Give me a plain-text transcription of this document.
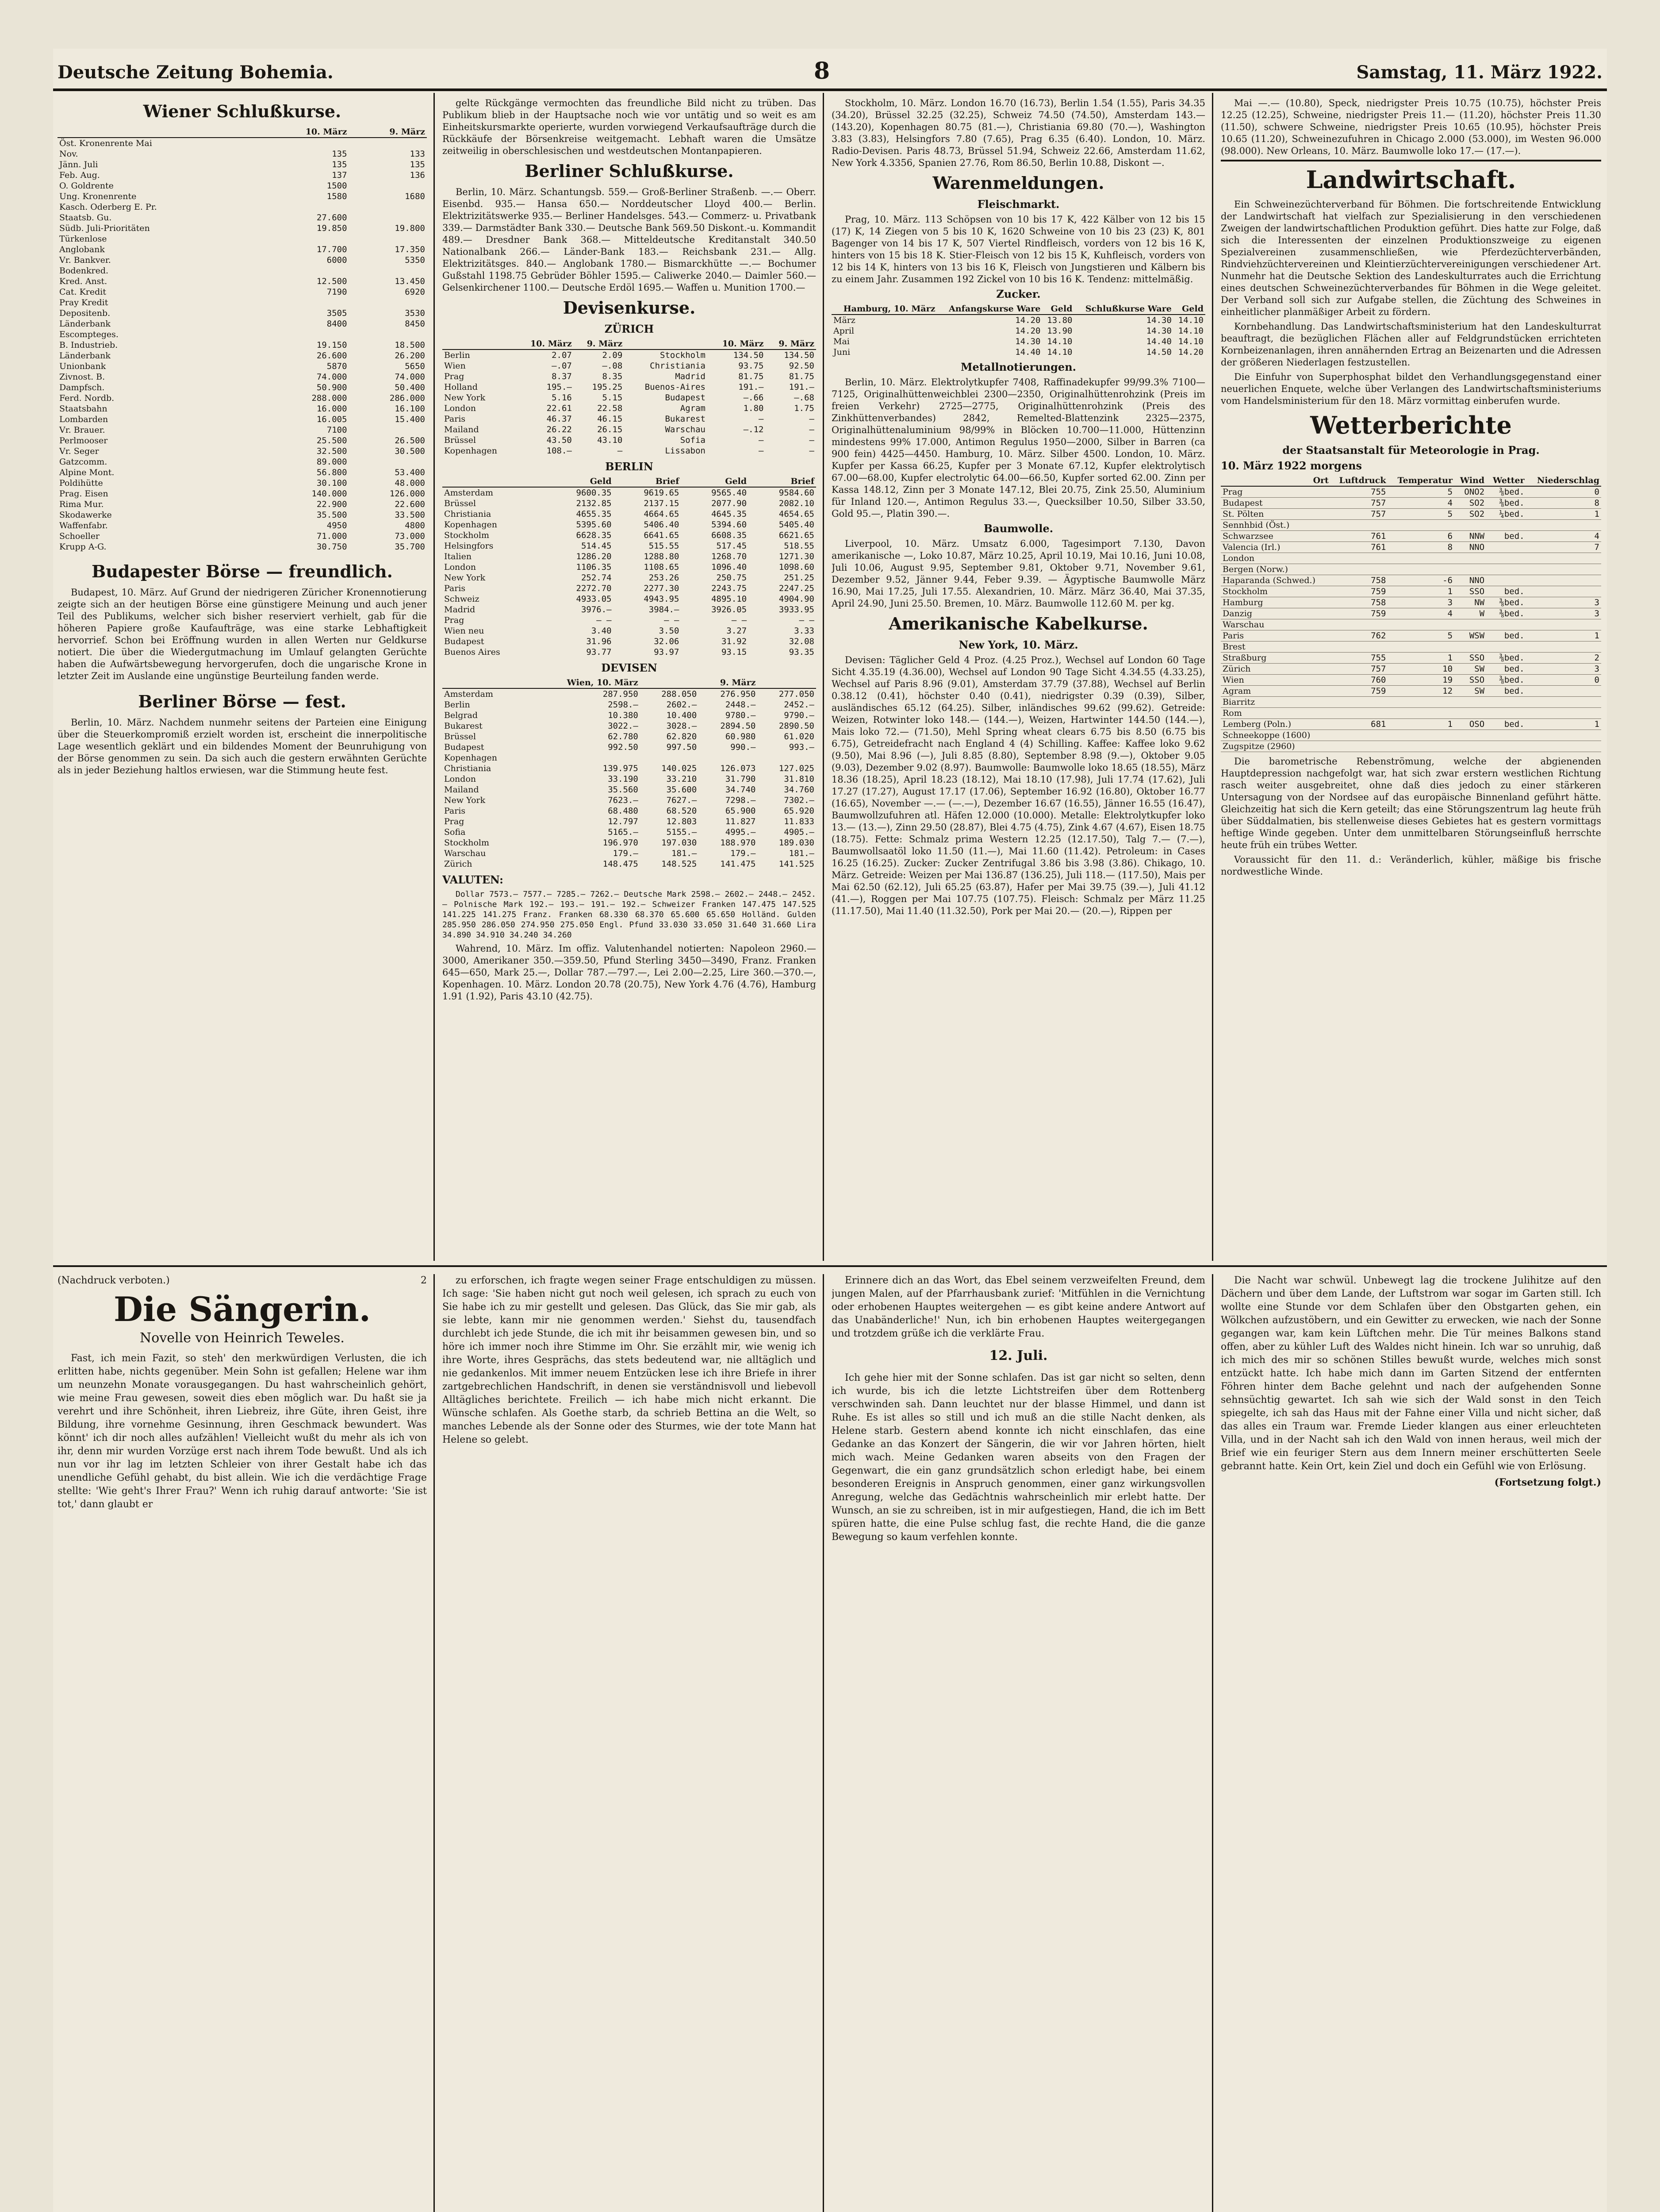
Deutsche Zeitung Bohemia.	8	Samstag, 11. März 1922.
Wiener Schlußkurse.
	10. März	9. März
Öst. Kronenrente Mai		
Nov.	135	133
Jänn. Juli	135	135
Feb. Aug.	137	136
O. Goldrente	1500	
Ung. Kronenrente	1580	1680
Kasch. Oderberg E. Pr.		
Staatsb. Gu.	27.600	
Südb. Juli-Prioritäten	19.850	19.800
Türkenlose		
Anglobank	17.700	17.350
Vr. Bankver.	6000	5350
Bodenkred.		
Kred. Anst.	12.500	13.450
Cat. Kredit	7190	6920
Pray Kredit		
Depositenb.	3505	3530
Länderbank	8400	8450
Escompteges.		
B. Industrieb.	19.150	18.500
Länderbank	26.600	26.200
Unionbank	5870	5650
Zivnost. B.	74.000	74.000
Dampfsch.	50.900	50.400
Ferd. Nordb.	288.000	286.000
Staatsbahn	16.000	16.100
Lombarden	16.005	15.400
Vr. Brauer.	7100	
Perlmooser	25.500	26.500
Vr. Seger	32.500	30.500
Gatzcomm.	89.000	
Alpine Mont.	56.800	53.400
Poldihütte	30.100	48.000
Prag. Eisen	140.000	126.000
Rima Mur.	22.900	22.600
Skodawerke	35.500	33.500
Waffenfabr.	4950	4800
Schoeller	71.000	73.000
Krupp A-G.	30.750	35.700
Budapester Börse — freundlich.

Budapest, 10. März. Auf Grund der niedrigeren Züricher Kronennotierung zeigte sich an der heutigen Börse eine günstigere Meinung und auch jener Teil des Publikums, welcher sich bisher reserviert verhielt, gab für die höheren Papiere große Kaufaufträge, was eine starke Lebhaftigkeit hervorrief. Schon bei Eröffnung wurden in allen Werten nur Geldkurse notiert. Die über die Wiedergutmachung im Umlauf gelangten Gerüchte haben die Aufwärtsbewegung hervorgerufen, doch die ungarische Krone in letzter Zeit im Auslande eine ungünstige Beurteilung fanden werde.

Berliner Börse — fest.

Berlin, 10. März. Nachdem nunmehr seitens der Parteien eine Einigung über die Steuerkompromiß erzielt worden ist, erscheint die innerpolitische Lage wesentlich geklärt und ein bildendes Moment der Beunruhigung von der Börse genommen zu sein. Da sich auch die gestern erwähnten Gerüchte als in jeder Beziehung haltlos erwiesen, war die Stimmung heute fest.

gelte Rückgänge vermochten das freundliche Bild nicht zu trüben. Das Publikum blieb in der Hauptsache noch wie vor untätig und so weit es am Einheitskursmarkte operierte, wurden vorwiegend Verkaufsaufträge durch die Rückkäufe der Börsenkreise weitgemacht. Lebhaft waren die Umsätze zeitweilig in oberschlesischen und westdeutschen Montanpapieren.

Berliner Schlußkurse.

Berlin, 10. März. Schantungsb. 559.— Groß-Berliner Straßenb. —.— Oberr. Eisenbd. 935.— Hansa 650.— Norddeutscher Lloyd 400.— Berlin. Elektrizitätswerke 935.— Berliner Handelsges. 543.— Commerz- u. Privatbank 339.— Darmstädter Bank 330.— Deutsche Bank 569.50 Diskont.-u. Kommandit 489.— Dresdner Bank 368.— Mitteldeutsche Kreditanstalt 340.50 Nationalbank 266.— Länder-Bank 183.— Reichsbank 231.— Allg. Elektrizitätsges. 840.— Anglobank 1780.— Bismarckhütte —.— Bochumer Gußstahl 1198.75 Gebrüder Böhler 1595.— Caliwerke 2040.— Daimler 560.— Gelsenkirchener 1100.— Deutsche Erdöl 1695.— Waffen u. Munition 1700.—

Devisenkurse.
ZÜRICH
	10. März	9. März		10. März	9. März
Berlin	2.07	2.09	Stockholm	134.50	134.50
Wien	—.07	—.08	Christiania	93.75	92.50
Prag	8.37	8.35	Madrid	81.75	81.75
Holland	195.—	195.25	Buenos-Aires	191.—	191.—
New York	5.16	5.15	Budapest	—.66	—.68
London	22.61	22.58	Agram	1.80	1.75
Paris	46.37	46.15	Bukarest	—	—
Mailand	26.22	26.15	Warschau	—.12	—
Brüssel	43.50	43.10	Sofia	—	—
Kopenhagen	108.—	—	Lissabon	—	—
BERLIN
	Geld	Brief	Geld	Brief
Amsterdam	9600.35	9619.65	9565.40	9584.60
Brüssel	2132.85	2137.15	2077.90	2082.10
Christiania	4655.35	4664.65	4645.35	4654.65
Kopenhagen	5395.60	5406.40	5394.60	5405.40
Stockholm	6628.35	6641.65	6608.35	6621.65
Helsingfors	514.45	515.55	517.45	518.55
Italien	1286.20	1288.80	1268.70	1271.30
London	1106.35	1108.65	1096.40	1098.60
New York	252.74	253.26	250.75	251.25
Paris	2272.70	2277.30	2243.75	2247.25
Schweiz	4933.05	4943.95	4895.10	4904.90
Madrid	3976.—	3984.—	3926.05	3933.95
Prag	— —	— —	— —	— —
Wien neu	3.40	3.50	3.27	3.33
Budapest	31.96	32.06	31.92	32.08
Buenos Aires	93.77	93.97	93.15	93.35
DEVISEN
	Wien, 10. März		9. März	
Amsterdam	287.950	288.050	276.950	277.050
Berlin	2598.—	2602.—	2448.—	2452.—
Belgrad	10.380	10.400	9780.—	9790.—
Bukarest	3022.—	3028.—	2894.50	2890.50
Brüssel	62.780	62.820	60.980	61.020
Budapest	992.50	997.50	990.—	993.—
Kopenhagen				
Christiania	139.975	140.025	126.073	127.025
London	33.190	33.210	31.790	31.810
Mailand	35.560	35.600	34.740	34.760
New York	7623.—	7627.—	7298.—	7302.—
Paris	68.480	68.520	65.900	65.920
Prag	12.797	12.803	11.827	11.833
Sofia	5165.—	5155.—	4995.—	4905.—
Stockholm	196.970	197.030	188.970	189.030
Warschau	179.—	181.—	179.—	181.—
Zürich	148.475	148.525	141.475	141.525
VALUTEN:

Dollar 7573.— 7577.— 7285.— 7262.— Deutsche Mark 2598.— 2602.— 2448.— 2452.— Polnische Mark 192.— 193.— 191.— 192.— Schweizer Franken 147.475 147.525 141.225 141.275 Franz. Franken 68.330 68.370 65.600 65.650 Holländ. Gulden 285.950 286.050 274.950 275.050 Engl. Pfund 33.030 33.050 31.640 31.660 Lira 34.890 34.910 34.240 34.260

Wahrend, 10. März. Im offiz. Valutenhandel notierten: Napoleon 2960.—3000, Amerikaner 350.—359.50, Pfund Sterling 3450—3490, Franz. Franken 645—650, Mark 25.—, Dollar 787.—797.—, Lei 2.00—2.25, Lire 360.—370.—, Kopenhagen. 10. März. London 20.78 (20.75), New York 4.76 (4.76), Hamburg 1.91 (1.92), Paris 43.10 (42.75).

Stockholm, 10. März. London 16.70 (16.73), Berlin 1.54 (1.55), Paris 34.35 (34.20), Brüssel 32.25 (32.25), Schweiz 74.50 (74.50), Amsterdam 143.— (143.20), Kopenhagen 80.75 (81.—), Christiania 69.80 (70.—), Washington 3.83 (3.83), Helsingfors 7.80 (7.65), Prag 6.35 (6.40). London, 10. März. Radio-Devisen. Paris 48.73, Brüssel 51.94, Schweiz 22.66, Amsterdam 11.62, New York 4.3356, Spanien 27.76, Rom 86.50, Berlin 10.88, Diskont —.

Warenmeldungen.
Fleischmarkt.

Prag, 10. März. 113 Schöpsen von 10 bis 17 K, 422 Kälber von 12 bis 15 (17) K, 14 Ziegen von 5 bis 10 K, 1620 Schweine von 10 bis 23 (23) K, 801 Bagenger von 14 bis 17 K, 507 Viertel Rindfleisch, vorders von 12 bis 16 K, hinters von 15 bis 18 K. Stier-Fleisch von 12 bis 15 K, Kuhfleisch, vorders von 12 bis 14 K, hinters von 13 bis 16 K, Fleisch von Jungstieren und Kälbern bis zu einem Jahr. Zusammen 192 Zickel von 10 bis 16 K. Tendenz: mittelmäßig.

Zucker.
Hamburg, 10. März	Anfangskurse Ware	Geld	Schlußkurse Ware	Geld
März	14.20	13.80	14.30	14.10
April	14.20	13.90	14.30	14.10
Mai	14.30	14.10	14.40	14.10
Juni	14.40	14.10	14.50	14.20
Metallnotierungen.

Berlin, 10. März. Elektrolytkupfer 7408, Raffinadekupfer 99/99.3% 7100—7125, Originalhüttenweichblei 2300—2350, Originalhüttenrohzink (Preis im freien Verkehr) 2725—2775, Originalhüttenrohzink (Preis des Zinkhüttenverbandes) 2842, Remelted-Blattenzink 2325—2375, Originalhüttenaluminium 98/99% in Blöcken 10.700—11.000, Hüttenzinn mindestens 99% 17.000, Antimon Regulus 1950—2000, Silber in Barren (ca 900 fein) 4425—4450. Hamburg, 10. März. Silber 4500. London, 10. März. Kupfer per Kassa 66.25, Kupfer per 3 Monate 67.12, Kupfer elektrolytisch 67.00—68.00, Kupfer electrolytic 64.00—66.50, Kupfer sorted 62.00. Zinn per Kassa 148.12, Zinn per 3 Monate 147.12, Blei 20.75, Zink 25.50, Aluminium für Inland 120.—, Antimon Regulus 33.—, Quecksilber 10.50, Silber 33.50, Gold 95.—, Platin 390.—.

Baumwolle.

Liverpool, 10. März. Umsatz 6.000, Tagesimport 7.130, Davon amerikanische —, Loko 10.87, März 10.25, April 10.19, Mai 10.16, Juni 10.08, Juli 10.06, August 9.95, September 9.81, Oktober 9.71, November 9.61, Dezember 9.52, Jänner 9.44, Feber 9.39. — Ägyptische Baumwolle März 16.90, Mai 17.25, Juli 17.55. Alexandrien, 10. März. März 36.40, Mai 37.35, April 24.90, Juni 25.50. Bremen, 10. März. Baumwolle 112.60 M. per kg.

Amerikanische Kabelkurse.
New York, 10. März.

Devisen: Täglicher Geld 4 Proz. (4.25 Proz.), Wechsel auf London 60 Tage Sicht 4.35.19 (4.36.00), Wechsel auf London 90 Tage Sicht 4.34.55 (4.33.25), Wechsel auf Paris 8.96 (9.01), Amsterdam 37.79 (37.88), Wechsel auf Berlin 0.38.12 (0.41), höchster 0.40 (0.41), niedrigster 0.39 (0.39), Silber, ausländisches 65.12 (64.25). Silber, inländisches 99.62 (99.62). Getreide: Weizen, Rotwinter loko 148.— (144.—), Weizen, Hartwinter 144.50 (144.—), Mais loko 72.— (71.50), Mehl Spring wheat clears 6.75 bis 8.50 (6.75 bis 6.75), Getreidefracht nach England 4 (4) Schilling. Kaffee: Kaffee loko 9.62 (9.50), Mai 8.96 (—), Juli 8.85 (8.80), September 8.98 (9.—), Oktober 9.05 (9.03), Dezember 9.02 (8.97). Baumwolle: Baumwolle loko 18.65 (18.55), März 18.36 (18.25), April 18.23 (18.12), Mai 18.10 (17.98), Juli 17.74 (17.62), Juli 17.27 (17.27), August 17.17 (17.06), September 16.92 (16.80), Oktober 16.77 (16.65), November —.— (—.—), Dezember 16.67 (16.55), Jänner 16.55 (16.47), Baumwollzufuhren atl. Häfen 12.000 (10.000). Metalle: Elektrolytkupfer loko 13.— (13.—), Zinn 29.50 (28.87), Blei 4.75 (4.75), Zink 4.67 (4.67), Eisen 18.75 (18.75). Fette: Schmalz prima Western 12.25 (12.17.50), Talg 7.— (7.—), Baumwollsaatöl loko 11.50 (11.—), Mai 11.60 (11.42). Petroleum: in Cases 16.25 (16.25). Zucker: Zucker Zentrifugal 3.86 bis 3.98 (3.86). Chikago, 10. März. Getreide: Weizen per Mai 136.87 (136.25), Juli 118.— (117.50), Mais per Mai 62.50 (62.12), Juli 65.25 (63.87), Hafer per Mai 39.75 (39.—), Juli 41.12 (41.—), Roggen per Mai 107.75 (107.75). Fleisch: Schmalz per März 11.25 (11.17.50), Mai 11.40 (11.32.50), Pork per Mai 20.— (20.—), Rippen per

Mai —.— (10.80), Speck, niedrigster Preis 10.75 (10.75), höchster Preis 12.25 (12.25), Schweine, niedrigster Preis 11.— (11.20), höchster Preis 11.30 (11.50), schwere Schweine, niedrigster Preis 10.65 (10.95), höchster Preis 10.65 (11.20), Schweinezufuhren in Chicago 2.000 (53.000), im Westen 96.000 (98.000). New Orleans, 10. März. Baumwolle loko 17.— (17.—).

Landwirtschaft.

Ein Schweinezüchterverband für Böhmen. Die fortschreitende Entwicklung der Landwirtschaft hat vielfach zur Spezialisierung in den verschiedenen Zweigen der landwirtschaftlichen Produktion geführt. Dies hatte zur Folge, daß sich die Interessenten der einzelnen Produktionszweige zu eigenen Spezialvereinen zusammenschließen, wie Pferdezüchterverbänden, Rindviehzüchtervereinen und Kleintierzüchtervereinigungen verschiedener Art. Nunmehr hat die Deutsche Sektion des Landeskulturrates auch die Errichtung eines deutschen Schweinezüchterverbandes für Böhmen in die Wege geleitet. Der Verband soll sich zur Aufgabe stellen, die Züchtung des Schweines in einheitlicher planmäßiger Arbeit zu fördern.

Kornbehandlung. Das Landwirtschaftsministerium hat den Landeskulturrat beauftragt, die bezüglichen Flächen aller auf Feldgrundstücken errichteten Kornbeizenanlagen, ihren annähernden Ertrag an Beizenarten und die Adressen der größeren Niederlagen festzustellen.

Die Einfuhr von Superphosphat bildet den Verhandlungsgegenstand einer neuerlichen Enquete, welche über Verlangen des Landwirtschaftsministeriums vom Handelsministerium für den 18. März vormittag einberufen wurde.

Wetterberichte
der Staatsanstalt für Meteorologie in Prag.
10. März 1922 morgens
Ort	Luftdruck	Temperatur	Wind	Wetter	Niederschlag
Prag	755	5	ONO2	⅜bed.	0
Budapest	757	4	SO2	⅜bed.	8
St. Pölten	757	5	SO2	¼bed.	1
Sennhbid (Öst.)					
Schwarzsee	761	6	NNW	bed.	4
Valencia (Irl.)	761	8	NNO		7
London					
Bergen (Norw.)					
Haparanda (Schwed.)	758	-6	NNO		
Stockholm	759	1	SSO	bed.	
Hamburg	758	3	NW	⅜bed.	3
Danzig	759	4	W	⅜bed.	3
Warschau					
Paris	762	5	WSW	bed.	1
Brest					
Straßburg	755	1	SSO	⅜bed.	2
Zürich	757	10	SW	bed.	3
Wien	760	19	SSO	⅜bed.	0
Agram	759	12	SW	bed.	
Biarritz					
Rom					
Lemberg (Poln.)	681	1	OSO	bed.	1
Schneekoppe (1600)					
Zugspitze (2960)					

Die barometrische Rebenströmung, welche der abgienenden Hauptdepression nachgefolgt war, hat sich zwar erstern westlichen Richtung rasch weiter ausgebreitet, ohne daß dies jedoch zu einer stärkeren Untersagung von der Nordsee auf das europäische Binnenland geführt hätte. Gleichzeitig hat sich die Kern geteilt; das eine Störungszentrum lag heute früh über Süddalmatien, bis stellenweise dieses Gebietes hat es gestern vormittags heftige Winde gegeben. Unter dem unmittelbaren Störungseinfluß herrschte heute früh ein trübes Wetter.

Voraussicht für den 11. d.: Veränderlich, kühler, mäßige bis frische nordwestliche Winde.

(Nachdruck verboten.)	2
Die Sängerin.
Novelle von Heinrich Teweles.

Fast, ich mein Fazit, so steh' den merkwürdigen Verlusten, die ich erlitten habe, nichts gegenüber. Mein Sohn ist gefallen; Helene war ihm um neunzehn Monate vorausgegangen. Du hast wahrscheinlich gehört, wie meine Frau gewesen, soweit dies eben möglich war. Du haßt sie ja verehrt und ihre Schönheit, ihren Liebreiz, ihre Güte, ihren Geist, ihre Bildung, ihre vornehme Gesinnung, ihren Geschmack bewundert. Was könnt' ich dir noch alles aufzählen! Vielleicht wußt du mehr als ich von ihr, denn mir wurden Vorzüge erst nach ihrem Tode bewußt. Und als ich nun vor ihr lag im letzten Schleier von ihrer Gestalt habe ich das unendliche Gefühl gehabt, du bist allein. Wie ich die verdächtige Frage stellte: 'Wie geht's Ihrer Frau?' Wenn ich ruhig darauf antworte: 'Sie ist tot,' dann glaubt er

zu erforschen, ich fragte wegen seiner Frage entschuldigen zu müssen. Ich sage: 'Sie haben nicht gut noch weil gelesen, ich sprach zu euch von Sie habe ich zu mir gestellt und gelesen. Das Glück, das Sie mir gab, als sie lebte, kann mir nie genommen werden.' Siehst du, tausendfach durchlebt ich jede Stunde, die ich mit ihr beisammen gewesen bin, und so höre ich immer noch ihre Stimme im Ohr. Sie erzählt mir, wie wenig ich ihre Worte, ihres Gesprächs, das stets bedeutend war, nie alltäglich und nie gedankenlos. Mit immer neuem Entzücken lese ich ihre Briefe in ihrer zartgebrechlichen Handschrift, in denen sie verständnisvoll und liebevoll Alltägliches berichtete. Freilich — ich habe mich nicht erkannt. Die Wünsche schlafen. Als Goethe starb, da schrieb Bettina an die Welt, so manches Lebende als der Sonne oder des Sturmes, wie der tote Mann hat Helene so gelebt.

Erinnere dich an das Wort, das Ebel seinem verzweifelten Freund, dem jungen Malen, auf der Pfarrhausbank zurief: 'Mitfühlen in die Vernichtung oder erhobenen Hauptes weitergehen — es gibt keine andere Antwort auf das Unabänderliche!' Nun, ich bin erhobenen Hauptes weitergegangen und trotzdem grüße ich die verklärte Frau.

12. Juli.

Ich gehe hier mit der Sonne schlafen. Das ist gar nicht so selten, denn ich wurde, bis ich die letzte Lichtstreifen über dem Rottenberg verschwinden sah. Dann leuchtet nur der blasse Himmel, und dann ist Ruhe. Es ist alles so still und ich muß an die stille Nacht denken, als Helene starb. Gestern abend konnte ich nicht einschlafen, das eine Gedanke an das Konzert der Sängerin, die wir vor Jahren hörten, hielt mich wach. Meine Gedanken waren abseits von den Fragen der Gegenwart, die ein ganz grundsätzlich schon erledigt habe, bei einem besonderen Ereignis in Anspruch genommen, einer ganz wirkungsvollen Anregung, welche das Gedächtnis wahrscheinlich mir erlebt hatte. Der Wunsch, an sie zu schreiben, ist in mir aufgestiegen, Hand, die ich im Bett spüren hatte, die eine Pulse schlug fast, die rechte Hand, die die ganze Bewegung so kaum verfehlen konnte.

Die Nacht war schwül. Unbewegt lag die trockene Julihitze auf den Dächern und über dem Lande, der Luftstrom war sogar im Garten still. Ich wollte eine Stunde vor dem Schlafen über den Obstgarten gehen, ein Wölkchen aufzustöbern, und ein Gewitter zu erwecken, wie nach der Sonne gegangen war, kam kein Lüftchen mehr. Die Tür meines Balkons stand offen, aber zu kühler Luft des Waldes nicht hinein. Ich war so unruhig, daß ich mich des mir so schönen Stilles bewußt wurde, welches mich sonst entzückt hatte. Ich habe mich dann im Garten Sitzend der entfernten Föhren hinter dem Bache gelehnt und nach der aufgehenden Sonne sehnsüchtig gewartet. Ich sah wie sich der Wald sonst in den Teich spiegelte, ich sah das Haus mit der Fahne einer Villa und nicht sicher, daß das alles ein Traum war. Fremde Lieder klangen aus einer erleuchteten Villa, und in der Nacht sah ich den Wald von innen heraus, weil mich der Brief wie ein feuriger Stern aus dem Innern meiner erschütterten Seele gebrannt hatte. Kein Ort, kein Ziel und doch ein Gefühl wie von Erlösung.

(Fortsetzung folgt.)
